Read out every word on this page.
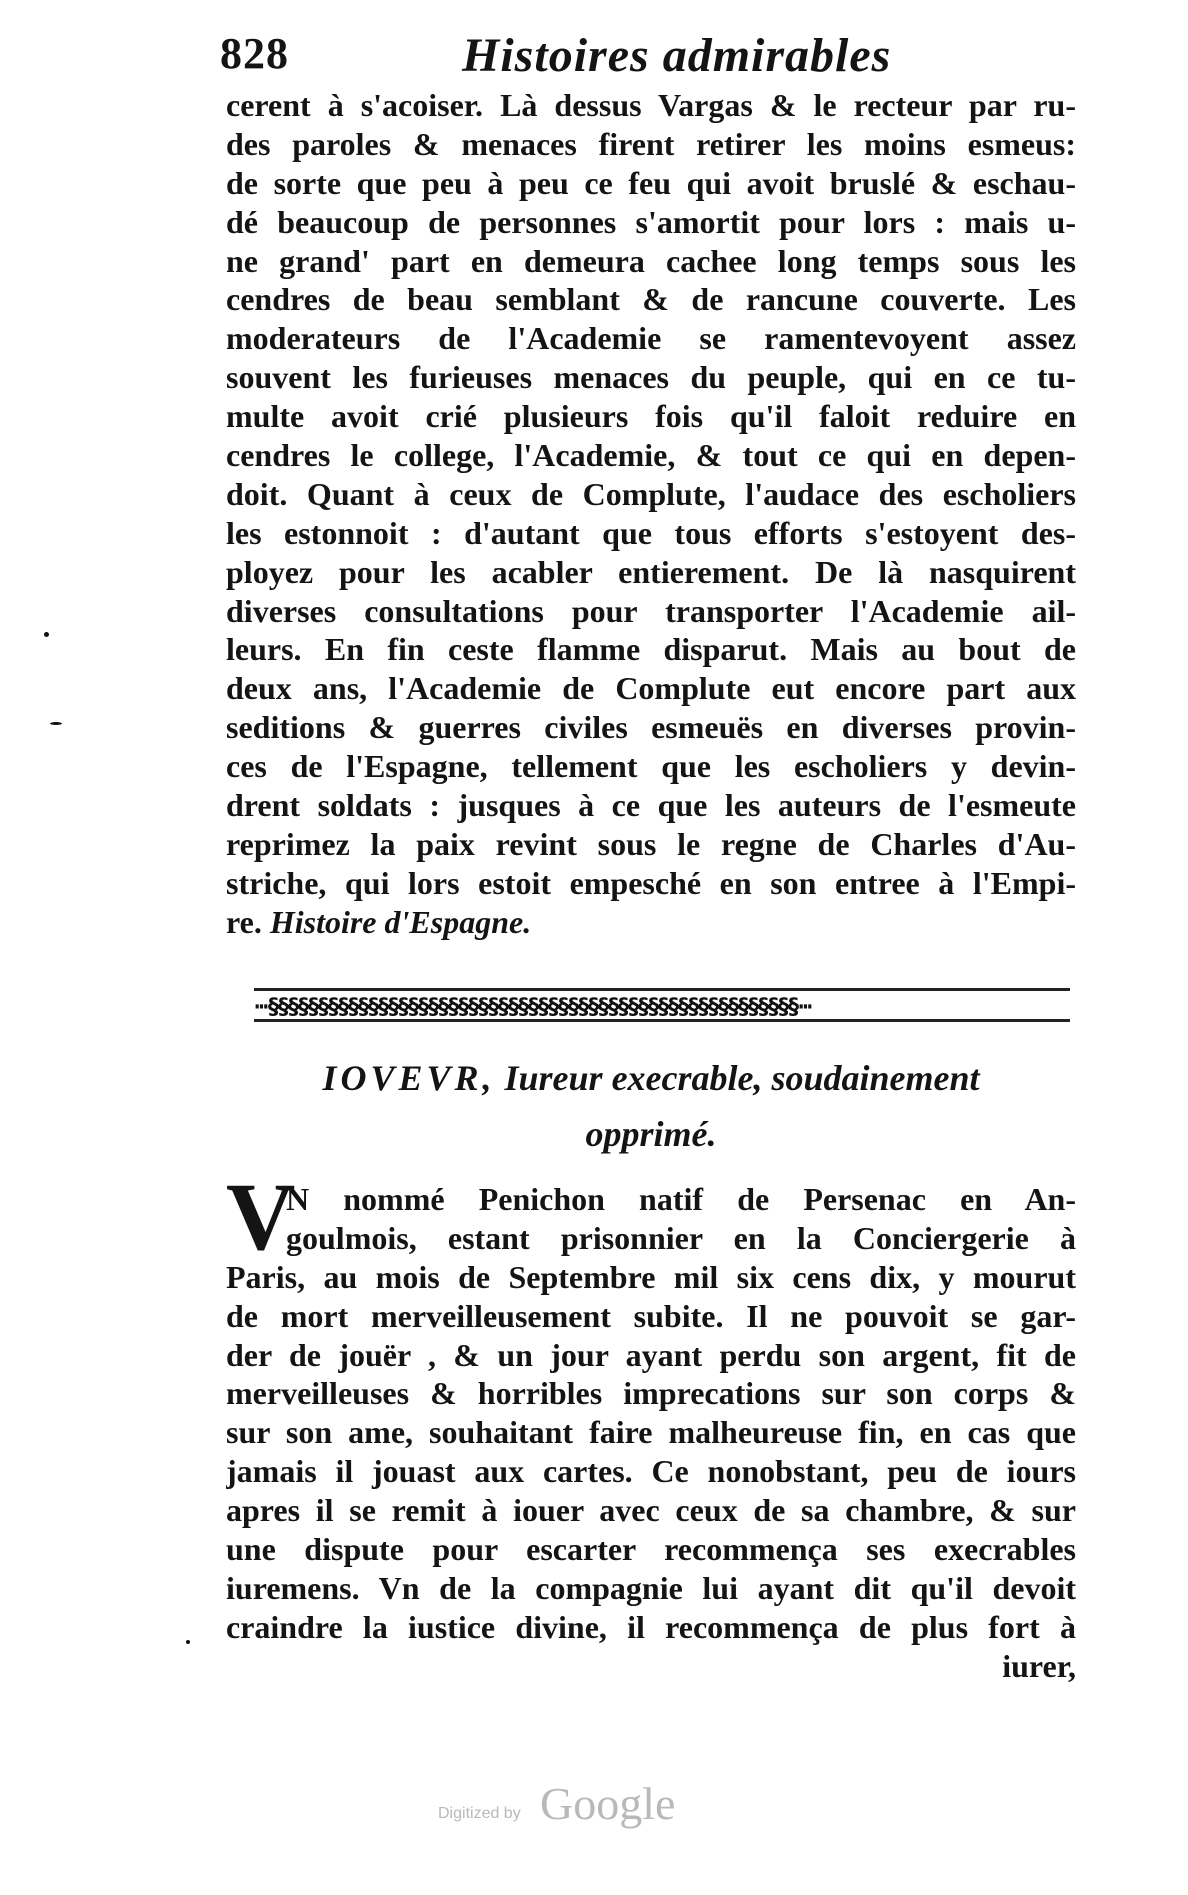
828	Histoires admirables
cerent à s'acoiser. Là dessus Vargas & le recteur par ru-
des paroles & menaces firent retirer les moins esmeus:
de sorte que peu à peu ce feu qui avoit bruslé & eschau-
dé beaucoup de personnes s'amortit pour lors : mais u-
ne grand' part en demeura cachee long temps sous les
cendres de beau semblant & de rancune couverte. Les
moderateurs de l'Academie se ramentevoyent assez
souvent les furieuses menaces du peuple, qui en ce tu-
multe avoit crié plusieurs fois qu'il faloit reduire en
cendres le college, l'Academie, & tout ce qui en depen-
doit. Quant à ceux de Complute, l'audace des escholiers
les estonnoit : d'autant que tous efforts s'estoyent des-
ployez pour les acabler entierement. De là nasquirent
diverses consultations pour transporter l'Academie ail-
leurs. En fin ceste flamme disparut. Mais au bout de
deux ans, l'Academie de Complute eut encore part aux
seditions & guerres civiles esmeuës en diverses provin-
ces de l'Espagne, tellement que les escholiers y devin-
drent soldats : jusques à ce que les auteurs de l'esmeute
reprimez la paix revint sous le regne de Charles d'Au-
striche, qui lors estoit empesché en son entree à l'Empi-
re. Histoire d'Espagne.
ⵈ§§§§§§§§§§§§§§§§§§§§§§§§§§§§§§§§§§§§§§§§§§§§§§§§§§§§§ⵈ
IOVEVR, Iureur execrable, soudainement
opprimé.
V
N nommé Penichon natif de Persenac en An-
goulmois, estant prisonnier en la Conciergerie à
Paris, au mois de Septembre mil six cens dix, y mourut
de mort merveilleusement subite. Il ne pouvoit se gar-
der de jouër , & un jour ayant perdu son argent, fit de
merveilleuses & horribles imprecations sur son corps &
sur son ame, souhaitant faire malheureuse fin, en cas que
jamais il jouast aux cartes. Ce nonobstant, peu de iours
apres il se remit à iouer avec ceux de sa chambre, & sur
une dispute pour escarter recommença ses execrables
iuremens. Vn de la compagnie lui ayant dit qu'il devoit
craindre la iustice divine, il recommença de plus fort à
iurer,
Digitized by Google
